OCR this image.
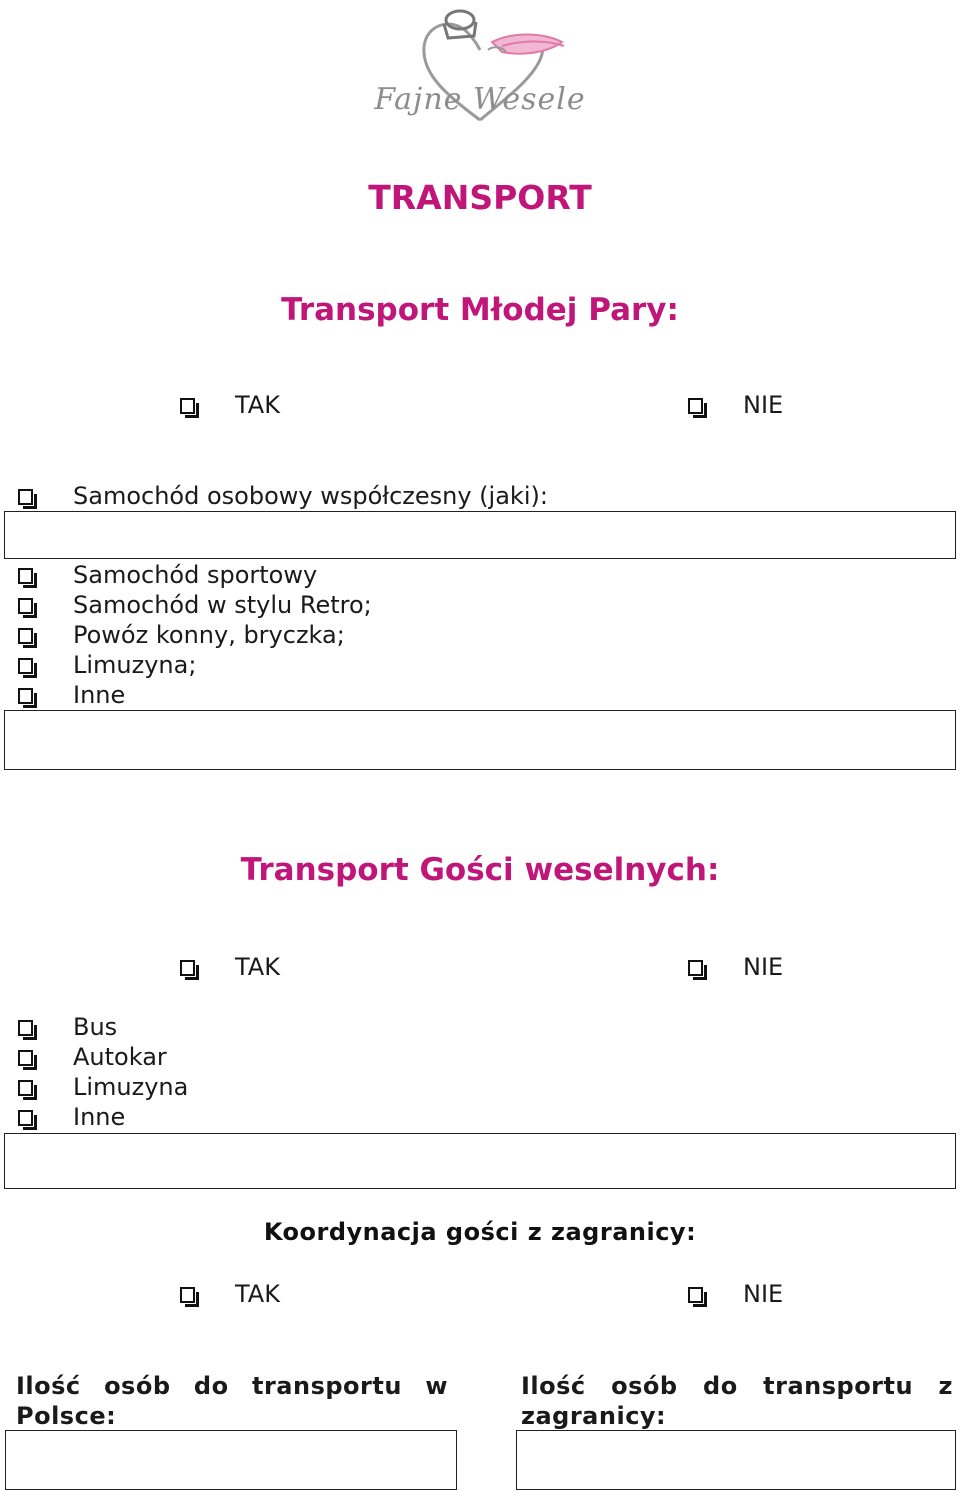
Fajne Wesele
TRANSPORT
Transport Młodej Pary:
TAK	NIE
Samochód osobowy współczesny (jaki):
Samochód sportowy
Samochód w stylu Retro;
Powóz konny, bryczka;
Limuzyna;
Inne
Transport Gości weselnych:
TAK	NIE
Bus
Autokar
Limuzyna
Inne
Koordynacja gości z zagranicy:
TAK	NIE
Ilość osób do transportu w Polsce:
Ilość osób do transportu z zagranicy:
